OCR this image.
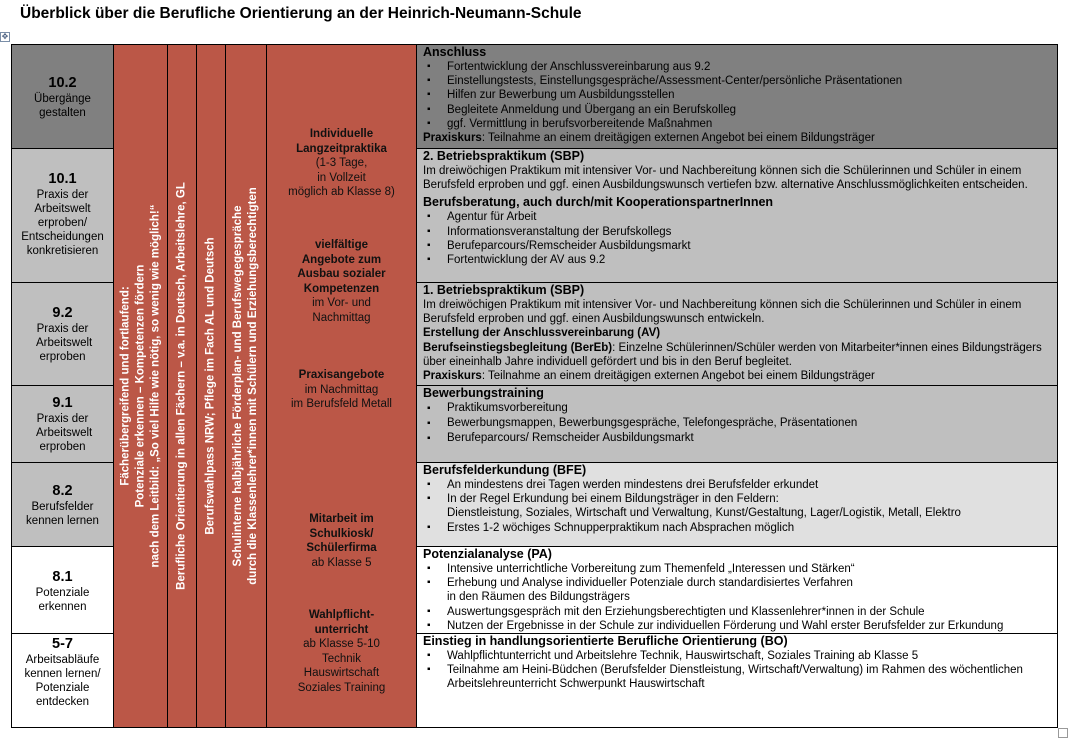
Überblick über die Berufliche Orientierung an der Heinrich-Neumann-Schule
✥
10.2
Übergänge gestalten
10.1
Praxis der Arbeitswelt erproben/ Entscheidungen konkretisieren
9.2
Praxis der Arbeitswelt erproben
9.1
Praxis der Arbeitswelt erproben
8.2
Berufsfelder kennen lernen
8.1
Potenziale erkennen
5-7
Arbeitsabläufe kennen lernen/ Potenziale entdecken
Fächerübergreifend und fortlaufend: Potenziale erkennen – Kompetenzen fördern nach dem Leitbild: „So viel Hilfe wie nötig, so wenig wie möglich!“ Berufliche Orientierung in allen Fächern – v.a. in Deutsch, Arbeitslehre, GL Berufswahlpass NRW; Pflege im Fach AL und Deutsch Schulinterne halbjährliche Förderplan- und Berufswegegespräche durch die Klassenlehrer*innen mit Schülern und Erziehungsberechtigten
Individuelle Langzeitpraktika
(1-3 Tage,
in Vollzeit
möglich ab Klasse 8)
vielfältige Angebote zum Ausbau sozialer Kompetenzen
im Vor- und
Nachmittag
Praxisangebote
im Nachmittag
im Berufsfeld Metall
Mitarbeit im Schulkiosk/ Schülerfirma
ab Klasse 5
Wahlpflicht-unterricht
ab Klasse 5-10
Technik
Hauswirtschaft
Soziales Training
Anschluss
▪ Fortentwicklung der Anschlussvereinbarung aus 9.2
▪ Einstellungstests, Einstellungsgespräche/Assessment-Center/persönliche Präsentationen
▪ Hilfen zur Bewerbung um Ausbildungsstellen
▪ Begleitete Anmeldung und Übergang an ein Berufskolleg
▪ ggf. Vermittlung in berufsvorbereitende Maßnahmen

Praxiskurs: Teilnahme an einem dreitägigen externen Angebot bei einem Bildungsträger

2. Betriebspraktikum (SBP)

Im dreiwöchigen Praktikum mit intensiver Vor- und Nachbereitung können sich die Schülerinnen und Schüler in einem Berufsfeld erproben und ggf. einen Ausbildungswunsch vertiefen bzw. alternative Anschlussmöglichkeiten entscheiden.

Berufsberatung, auch durch/mit KooperationspartnerInnen
▪ Agentur für Arbeit
▪ Informationsveranstaltung der Berufskollegs
▪ Berufeparcours/Remscheider Ausbildungsmarkt
▪ Fortentwicklung der AV aus 9.2
1. Betriebspraktikum (SBP)

Im dreiwöchigen Praktikum mit intensiver Vor- und Nachbereitung können sich die Schülerinnen und Schüler in einem Berufsfeld erproben und ggf. einen Ausbildungswunsch entwickeln.

Erstellung der Anschlussvereinbarung (AV)

Berufseinstiegsbegleitung (BerEb): Einzelne Schülerinnen/Schüler werden von Mitarbeiter*innen eines Bildungsträgers über eineinhalb Jahre individuell gefördert und bis in den Beruf begleitet.

Praxiskurs: Teilnahme an einem dreitägigen externen Angebot bei einem Bildungsträger

Bewerbungstraining
▪ Praktikumsvorbereitung
▪ Bewerbungsmappen, Bewerbungsgespräche, Telefongespräche, Präsentationen
▪ Berufeparcours/ Remscheider Ausbildungsmarkt
Berufsfelderkundung (BFE)
▪ An mindestens drei Tagen werden mindestens drei Berufsfelder erkundet
▪ In der Regel Erkundung bei einem Bildungsträger in den Feldern:
Dienstleistung, Soziales, Wirtschaft und Verwaltung, Kunst/Gestaltung, Lager/Logistik, Metall, Elektro
▪ Erstes 1-2 wöchiges Schnupperpraktikum nach Absprachen möglich
Potenzialanalyse (PA)
▪ Intensive unterrichtliche Vorbereitung zum Themenfeld „Interessen und Stärken“
▪ Erhebung und Analyse individueller Potenziale durch standardisiertes Verfahren
in den Räumen des Bildungsträgers
▪ Auswertungsgespräch mit den Erziehungsberechtigten und Klassenlehrer*innen in der Schule
▪ Nutzen der Ergebnisse in der Schule zur individuellen Förderung und Wahl erster Berufsfelder zur Erkundung
Einstieg in handlungsorientierte Berufliche Orientierung (BO)
▪ Wahlpflichtunterricht und Arbeitslehre Technik, Hauswirtschaft, Soziales Training ab Klasse 5
▪ Teilnahme am Heini-Büdchen (Berufsfelder Dienstleistung, Wirtschaft/Verwaltung) im Rahmen des wöchentlichen Arbeitslehreunterricht Schwerpunkt Hauswirtschaft
